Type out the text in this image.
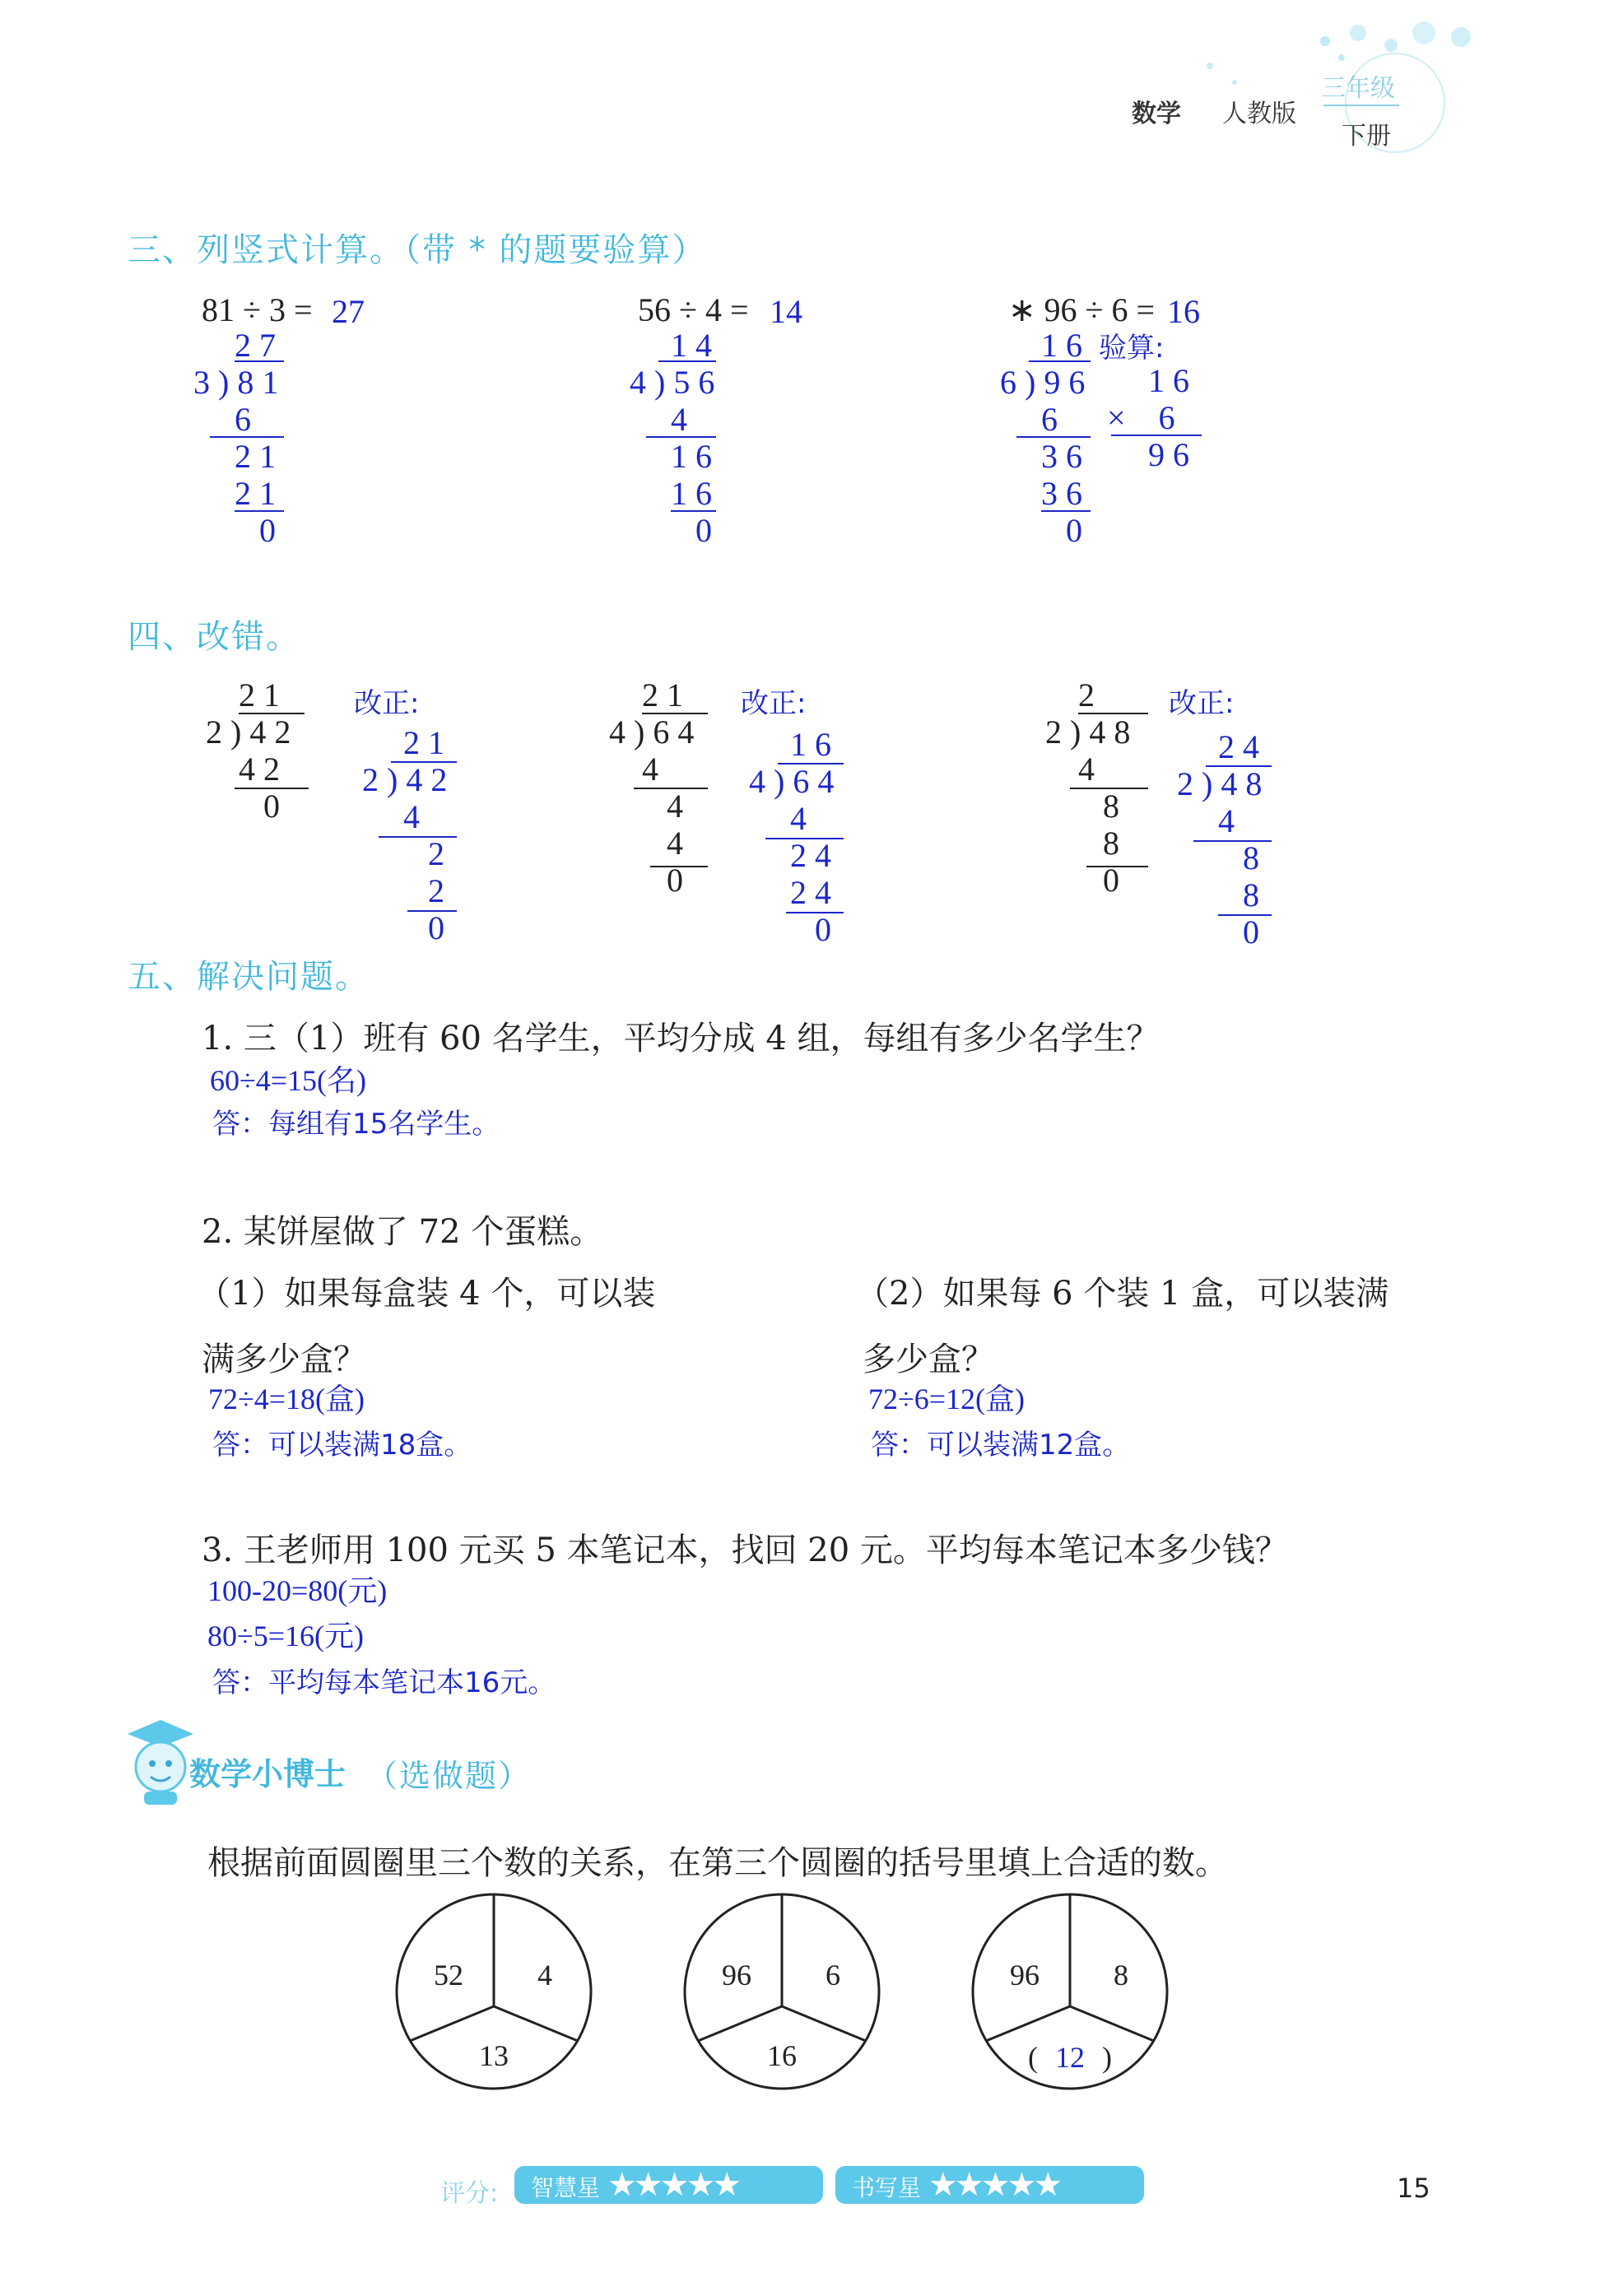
数学 人教版
三年级
下册
三、列竖式计算。（带 * 的题要验算）
81 ÷ 3 = 27
2 7
3 ) 8 1
6
2 1
2 1
0
56 ÷ 4 = 14
1 4
4 ) 5 6
4
1 6
1 6
0
∗ 96 ÷ 6 = 16
1 6
6 ) 9 6
6
3 6
3 6
0
验算:
1 6
×    6
9 6
四、改错。
2 1
2 ) 4 2
4 2
0
改正:
2 1
2 ) 4 2
4
2
2
0
2 1
4 ) 6 4
4
4
4
0
改正:
1 6
4 ) 6 4
4
2 4
2 4
0
2
2 ) 4 8
4
8
8
0
改正:
2 4
2 ) 4 8
4
8
8
0
五、解决问题。
1. 三（1）班有 60 名学生，平均分成 4 组，每组有多少名学生？
60÷4=15(名)
答：每组有15名学生。
2. 某饼屋做了 72 个蛋糕。
（1）如果每盒装 4 个，可以装
满多少盒？
72÷4=18(盒)
答：可以装满18盒。
（2）如果每 6 个装 1 盒，可以装满
多少盒？
72÷6=12(盒)
答：可以装满12盒。
3. 王老师用 100 元买 5 本笔记本，找回 20 元。平均每本笔记本多少钱？
100-20=80(元)
80÷5=16(元)
答：平均每本笔记本16元。
数学小博士 （选做题）
根据前面圆圈里三个数的关系，在第三个圆圈的括号里填上合适的数。
52	4
13
96	6
16
96	8
( 12 )
评分:	智慧星 ★★★★★	书写星 ★★★★★	15
